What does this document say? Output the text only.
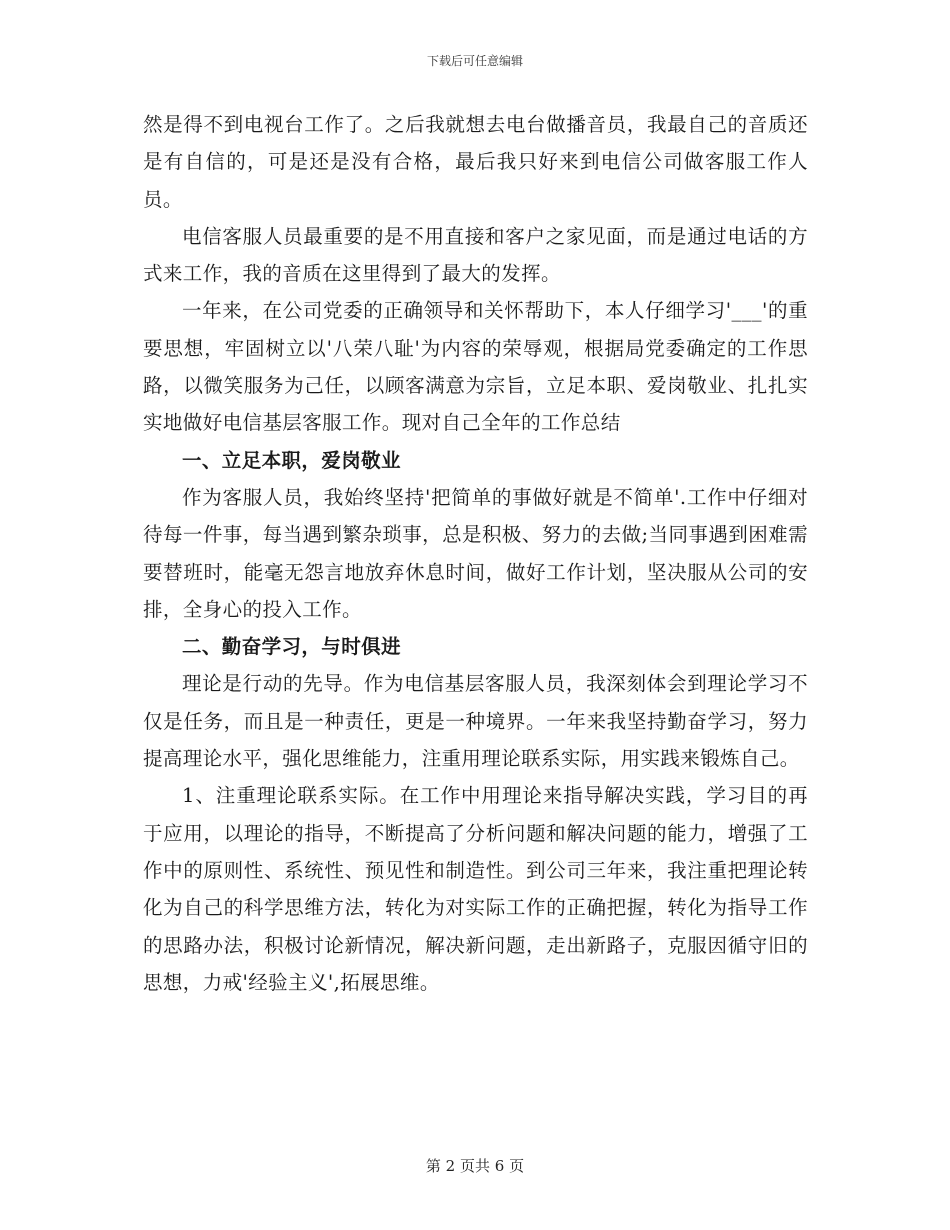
下载后可任意编辑

然是得不到电视台工作了。之后我就想去电台做播音员，我最自己的音质还是有自信的，可是还是没有合格，最后我只好来到电信公司做客服工作人员。

电信客服人员最重要的是不用直接和客户之家见面，而是通过电话的方式来工作，我的音质在这里得到了最大的发挥。

一年来，在公司党委的正确领导和关怀帮助下，本人仔细学习'___'的重要思想，牢固树立以'八荣八耻'为内容的荣辱观，根据局党委确定的工作思路，以微笑服务为己任，以顾客满意为宗旨，立足本职、爱岗敬业、扎扎实实地做好电信基层客服工作。现对自己全年的工作总结

一、立足本职，爱岗敬业

作为客服人员，我始终坚持'把简单的事做好就是不简单'.工作中仔细对待每一件事，每当遇到繁杂琐事，总是积极、努力的去做;当同事遇到困难需要替班时，能毫无怨言地放弃休息时间，做好工作计划，坚决服从公司的安排，全身心的投入工作。

二、勤奋学习，与时俱进

理论是行动的先导。作为电信基层客服人员，我深刻体会到理论学习不仅是任务，而且是一种责任，更是一种境界。一年来我坚持勤奋学习，努力提高理论水平，强化思维能力，注重用理论联系实际，用实践来锻炼自己。

1、注重理论联系实际。在工作中用理论来指导解决实践，学习目的再于应用，以理论的指导，不断提高了分析问题和解决问题的能力，增强了工作中的原则性、系统性、预见性和制造性。到公司三年来，我注重把理论转化为自己的科学思维方法，转化为对实际工作的正确把握，转化为指导工作的思路办法，积极讨论新情况，解决新问题，走出新路子，克服因循守旧的思想，力戒'经验主义',拓展思维。

第 2 页共 6 页
